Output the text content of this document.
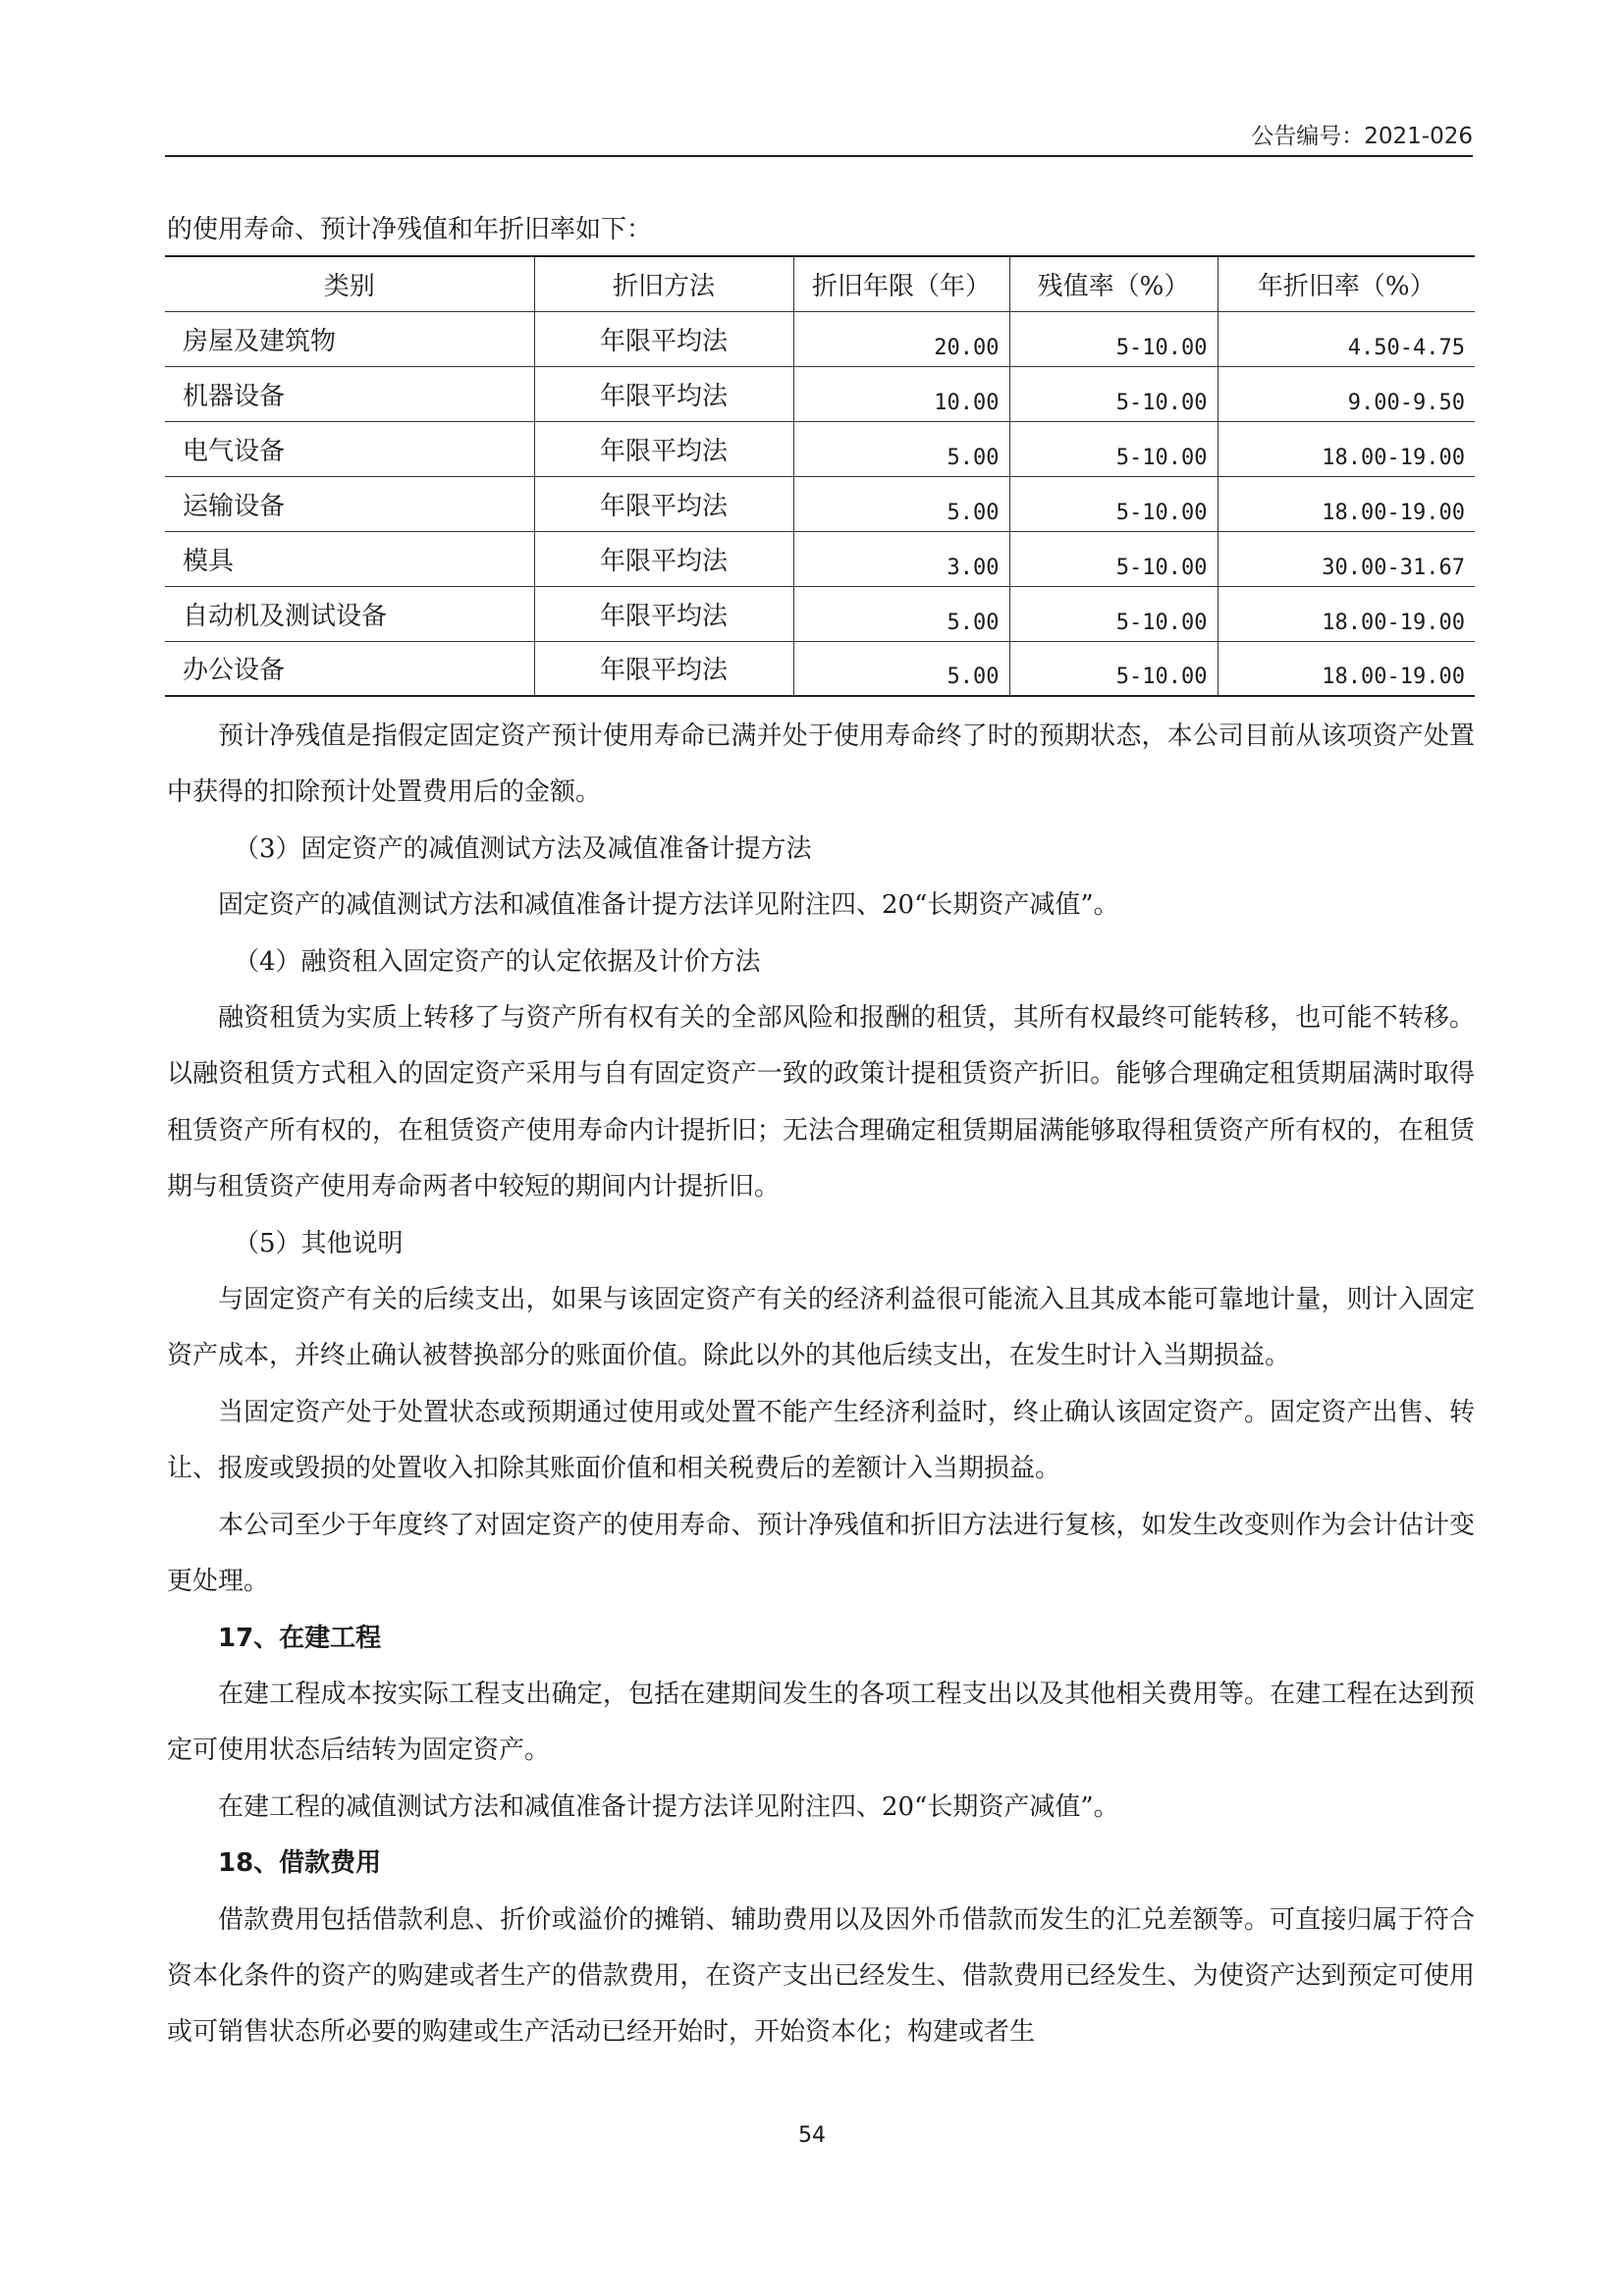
公告编号：2021-026
的使用寿命、预计净残值和年折旧率如下：
类别	折旧方法	折旧年限（年）	残值率（%）	年折旧率（%）
房屋及建筑物	年限平均法	20.00	5-10.00	4.50-4.75
机器设备	年限平均法	10.00	5-10.00	9.00-9.50
电气设备	年限平均法	5.00	5-10.00	18.00-19.00
运输设备	年限平均法	5.00	5-10.00	18.00-19.00
模具	年限平均法	3.00	5-10.00	30.00-31.67
自动机及测试设备	年限平均法	5.00	5-10.00	18.00-19.00
办公设备	年限平均法	5.00	5-10.00	18.00-19.00

预计净残值是指假定固定资产预计使用寿命已满并处于使用寿命终了时的预期状态，本公司目前从该项资产处置中获得的扣除预计处置费用后的金额。

（3）固定资产的减值测试方法及减值准备计提方法

固定资产的减值测试方法和减值准备计提方法详见附注四、20“长期资产减值”。

（4）融资租入固定资产的认定依据及计价方法

融资租赁为实质上转移了与资产所有权有关的全部风险和报酬的租赁，其所有权最终可能转移，也可能不转移。以融资租赁方式租入的固定资产采用与自有固定资产一致的政策计提租赁资产折旧。能够合理确定租赁期届满时取得租赁资产所有权的，在租赁资产使用寿命内计提折旧；无法合理确定租赁期届满能够取得租赁资产所有权的，在租赁期与租赁资产使用寿命两者中较短的期间内计提折旧。

（5）其他说明

与固定资产有关的后续支出，如果与该固定资产有关的经济利益很可能流入且其成本能可靠地计量，则计入固定资产成本，并终止确认被替换部分的账面价值。除此以外的其他后续支出，在发生时计入当期损益。

当固定资产处于处置状态或预期通过使用或处置不能产生经济利益时，终止确认该固定资产。固定资产出售、转让、报废或毁损的处置收入扣除其账面价值和相关税费后的差额计入当期损益。

本公司至少于年度终了对固定资产的使用寿命、预计净残值和折旧方法进行复核，如发生改变则作为会计估计变更处理。

17、在建工程

在建工程成本按实际工程支出确定，包括在建期间发生的各项工程支出以及其他相关费用等。在建工程在达到预定可使用状态后结转为固定资产。

在建工程的减值测试方法和减值准备计提方法详见附注四、20“长期资产减值”。

18、借款费用

借款费用包括借款利息、折价或溢价的摊销、辅助费用以及因外币借款而发生的汇兑差额等。可直接归属于符合资本化条件的资产的购建或者生产的借款费用，在资产支出已经发生、借款费用已经发生、为使资产达到预定可使用或可销售状态所必要的购建或生产活动已经开始时，开始资本化；构建或者生

54
